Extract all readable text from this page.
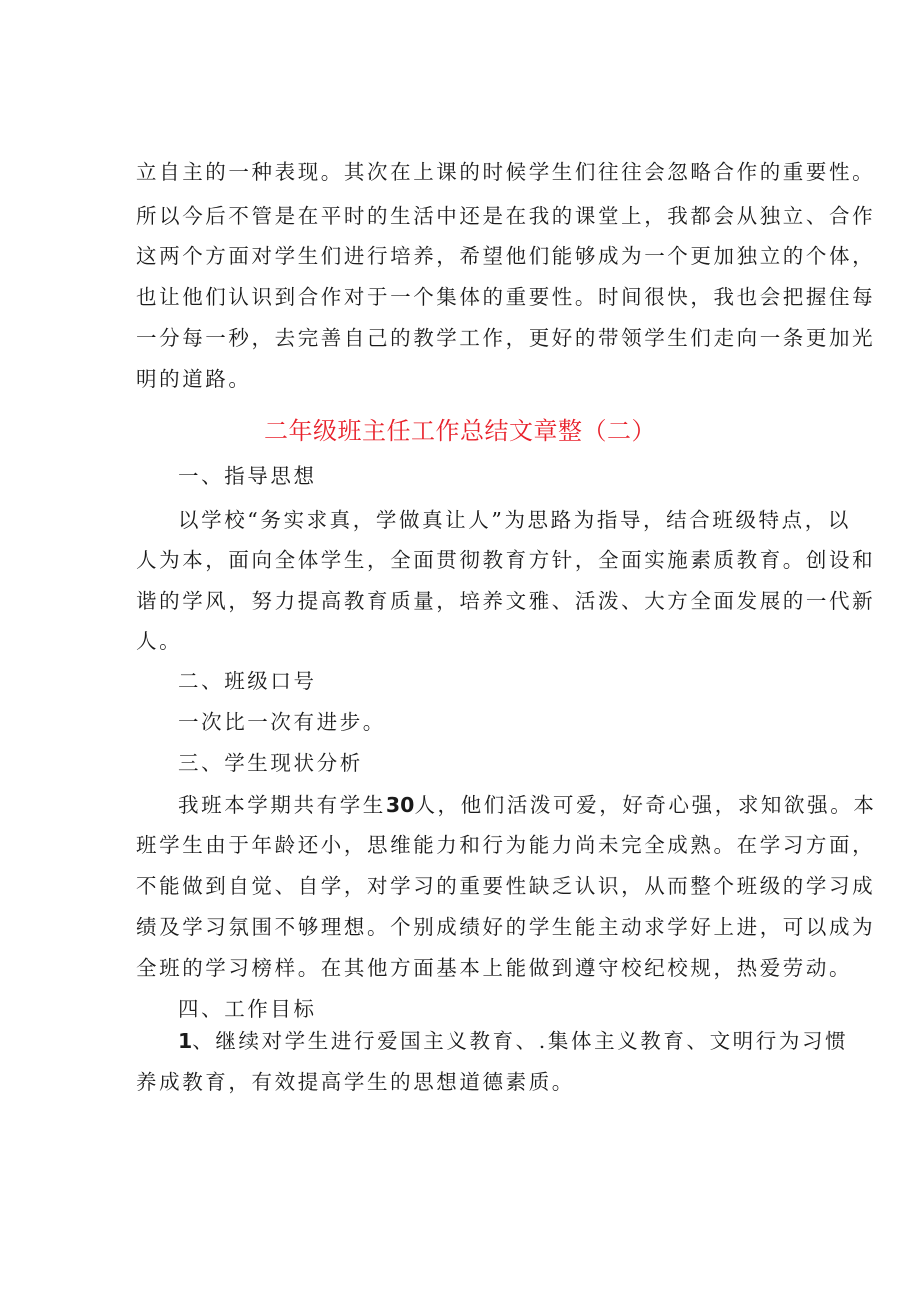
立自主的一种表现。其次在上课的时候学生们往往会忽略合作的重要性。
所以今后不管是在平时的生活中还是在我的课堂上，我都会从独立、合作
这两个方面对学生们进行培养，希望他们能够成为一个更加独立的个体，
也让他们认识到合作对于一个集体的重要性。时间很快，我也会把握住每
一分每一秒，去完善自己的教学工作，更好的带领学生们走向一条更加光
明的道路。
二年级班主任工作总结文章整（二）
一、指导思想
以学校“务实求真，学做真让人”为思路为指导，结合班级特点，以
人为本，面向全体学生，全面贯彻教育方针，全面实施素质教育。创设和
谐的学风，努力提高教育质量，培养文雅、活泼、大方全面发展的一代新
人。
二、班级口号
一次比一次有进步。
三、学生现状分析
我班本学期共有学生30人，他们活泼可爱，好奇心强，求知欲强。本
班学生由于年龄还小，思维能力和行为能力尚未完全成熟。在学习方面，
不能做到自觉、自学，对学习的重要性缺乏认识，从而整个班级的学习成
绩及学习氛围不够理想。个别成绩好的学生能主动求学好上进，可以成为
全班的学习榜样。在其他方面基本上能做到遵守校纪校规，热爱劳动。
四、工作目标
1、继续对学生进行爱国主义教育、.集体主义教育、文明行为习惯
养成教育，有效提高学生的思想道德素质。
